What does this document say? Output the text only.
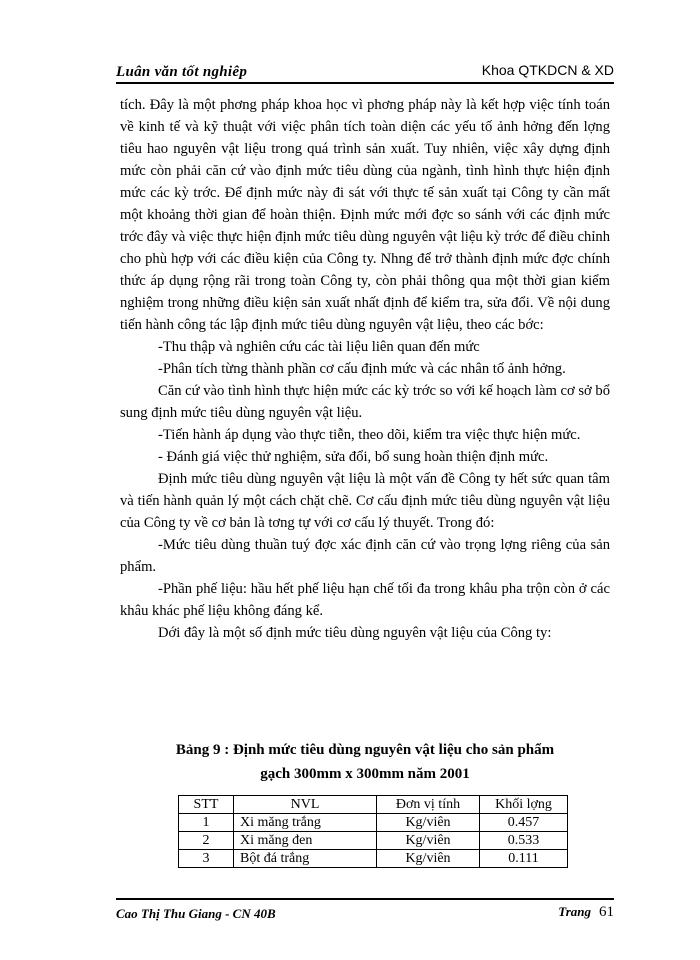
Luân văn tốt nghiêp	Khoa QTKDCN & XD

tích. Đây là một phơng pháp khoa học vì phơng pháp này là kết hợp việc tính toán về kinh tế và kỹ thuật với việc phân tích toàn diện các yếu tố ảnh hởng đến lợng tiêu hao nguyên vật liệu trong quá trình sản xuất. Tuy nhiên, việc xây dựng định mức còn phải căn cứ vào định mức tiêu dùng của ngành, tình hình thực hiện định mức các kỳ trớc. Để định mức này đi sát với thực tế sản xuất tại Công ty cần mất một khoảng thời gian để hoàn thiện. Định mức mới đợc so sánh với các định mức trớc đây và việc thực hiện định mức tiêu dùng nguyên vật liệu kỳ trớc để điều chỉnh cho phù hợp với các điều kiện của Công ty. Nhng để trở thành định mức đợc chính thức áp dụng rộng rãi trong toàn Công ty, còn phải thông qua một thời gian kiểm nghiệm trong những điều kiện sản xuất nhất định để kiểm tra, sửa đổi. Về nội dung tiến hành công tác lập định mức tiêu dùng nguyên vật liệu, theo các bớc:

-Thu thập và nghiên cứu các tài liệu liên quan đến mức

-Phân tích từng thành phần cơ cấu định mức và các nhân tố ảnh hởng.

Căn cứ vào tình hình thực hiện mức các kỳ trớc so với kế hoạch làm cơ sở bổ sung định mức tiêu dùng nguyên vật liệu.

-Tiến hành áp dụng vào thực tiễn, theo dõi, kiểm tra việc thực hiện mức.

- Đánh giá việc thử nghiệm, sửa đổi, bổ sung hoàn thiện định mức.

Định mức tiêu dùng nguyên vật liệu là một vấn đề Công ty hết sức quan tâm và tiến hành quản lý một cách chặt chẽ. Cơ cấu định mức tiêu dùng nguyên vật liệu của Công ty về cơ bản là tơng tự với cơ cấu lý thuyết. Trong đó:

-Mức tiêu dùng thuần tuý đợc xác định căn cứ vào trọng lợng riêng của sản phẩm.

-Phần phế liệu: hầu hết phế liệu hạn chế tối đa trong khâu pha trộn còn ở các khâu khác phế liệu không đáng kể.

Dới đây là một số định mức tiêu dùng nguyên vật liệu của Công ty:

Bảng 9 : Định mức tiêu dùng nguyên vật liệu cho sản phẩm
gạch 300mm x 300mm năm 2001
STT	NVL	Đơn vị tính	Khối lợng
1	Xi măng trắng	Kg/viên	0.457
2	Xi măng đen	Kg/viên	0.533
3	Bột đá trắng	Kg/viên	0.111
Cao Thị Thu Giang - CN 40B	Trang 61
